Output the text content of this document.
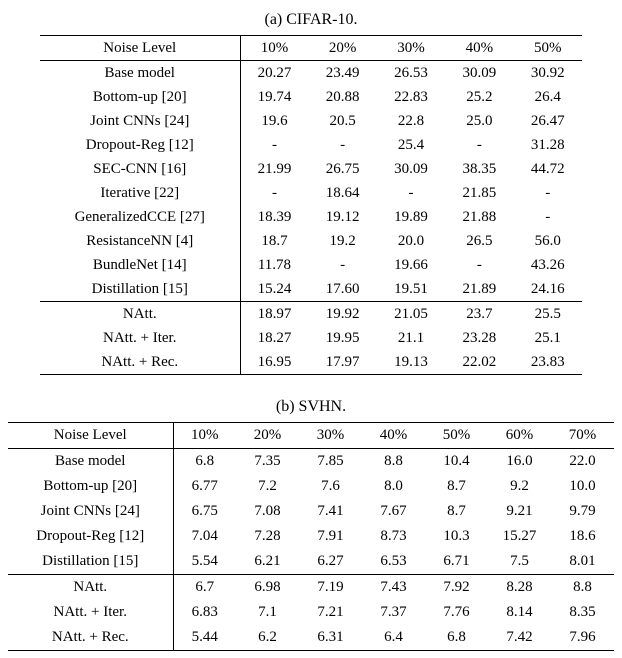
(a) CIFAR-10.
Noise Level	10%	20%	30%	40%	50%
Base model	20.27	23.49	26.53	30.09	30.92
Bottom-up [20]	19.74	20.88	22.83	25.2	26.4
Joint CNNs [24]	19.6	20.5	22.8	25.0	26.47
Dropout-Reg [12]	-	-	25.4	-	31.28
SEC-CNN [16]	21.99	26.75	30.09	38.35	44.72
Iterative [22]	-	18.64	-	21.85	-
GeneralizedCCE [27]	18.39	19.12	19.89	21.88	-
ResistanceNN [4]	18.7	19.2	20.0	26.5	56.0
BundleNet [14]	11.78	-	19.66	-	43.26
Distillation [15]	15.24	17.60	19.51	21.89	24.16
NAtt.	18.97	19.92	21.05	23.7	25.5
NAtt. + Iter.	18.27	19.95	21.1	23.28	25.1
NAtt. + Rec.	16.95	17.97	19.13	22.02	23.83
(b) SVHN.
Noise Level	10%	20%	30%	40%	50%	60%	70%
Base model	6.8	7.35	7.85	8.8	10.4	16.0	22.0
Bottom-up [20]	6.77	7.2	7.6	8.0	8.7	9.2	10.0
Joint CNNs [24]	6.75	7.08	7.41	7.67	8.7	9.21	9.79
Dropout-Reg [12]	7.04	7.28	7.91	8.73	10.3	15.27	18.6
Distillation [15]	5.54	6.21	6.27	6.53	6.71	7.5	8.01
NAtt.	6.7	6.98	7.19	7.43	7.92	8.28	8.8
NAtt. + Iter.	6.83	7.1	7.21	7.37	7.76	8.14	8.35
NAtt. + Rec.	5.44	6.2	6.31	6.4	6.8	7.42	7.96
